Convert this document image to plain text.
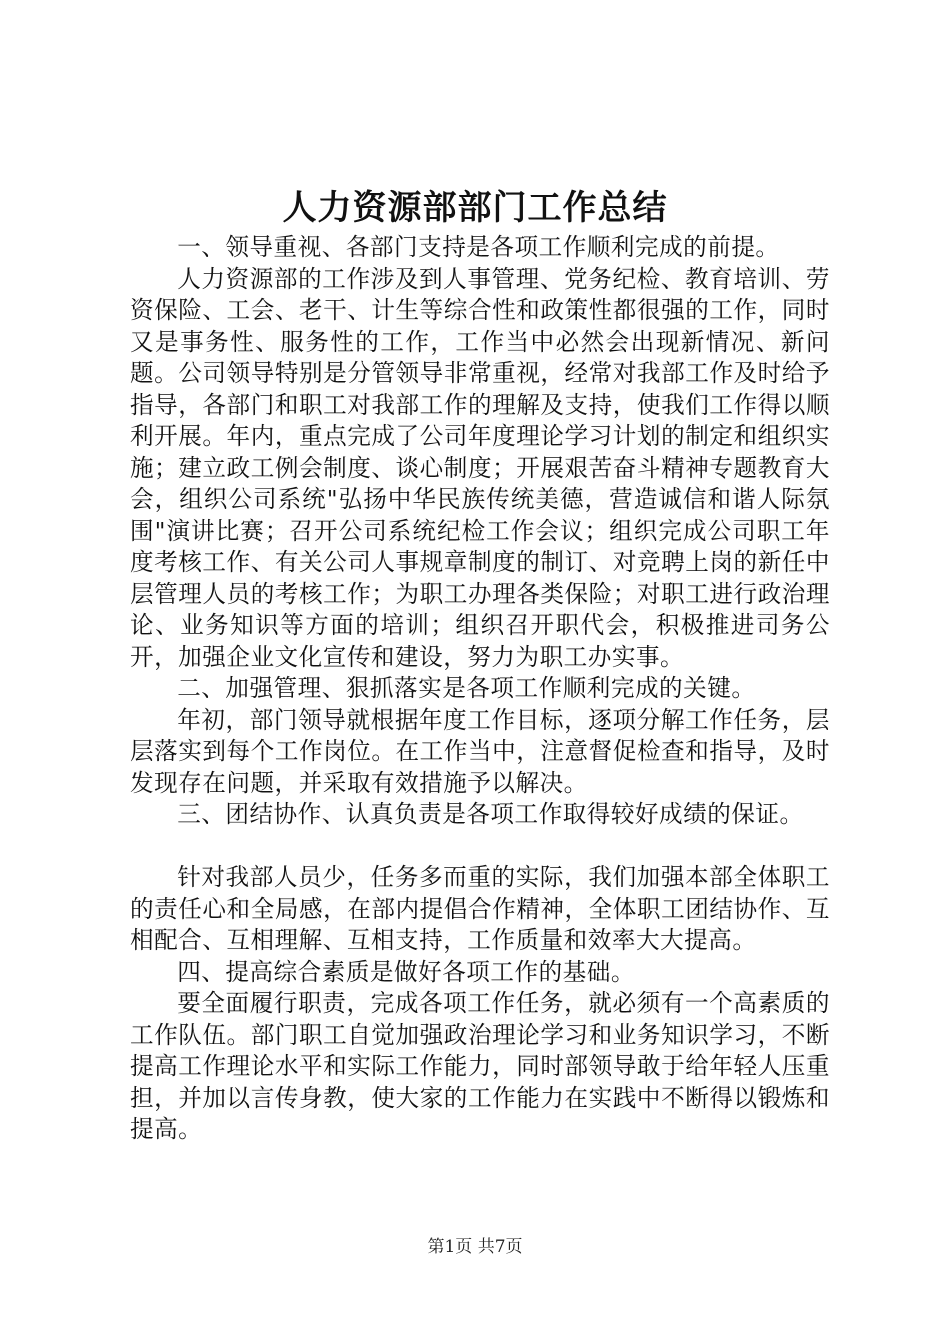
人力资源部部门工作总结

一、领导重视、各部门支持是各项工作顺利完成的前提。

人力资源部的工作涉及到人事管理、党务纪检、教育培训、劳资保险、工会、老干、计生等综合性和政策性都很强的工作，同时又是事务性、服务性的工作，工作当中必然会出现新情况、新问题。公司领导特别是分管领导非常重视，经常对我部工作及时给予指导，各部门和职工对我部工作的理解及支持，使我们工作得以顺利开展。年内，重点完成了公司年度理论学习计划的制定和组织实施；建立政工例会制度、谈心制度；开展艰苦奋斗精神专题教育大会，组织公司系统"弘扬中华民族传统美德，营造诚信和谐人际氛围"演讲比赛；召开公司系统纪检工作会议；组织完成公司职工年度考核工作、有关公司人事规章制度的制订、对竞聘上岗的新任中层管理人员的考核工作；为职工办理各类保险；对职工进行政治理论、业务知识等方面的培训；组织召开职代会，积极推进司务公开，加强企业文化宣传和建设，努力为职工办实事。

二、加强管理、狠抓落实是各项工作顺利完成的关键。

年初，部门领导就根据年度工作目标，逐项分解工作任务，层层落实到每个工作岗位。在工作当中，注意督促检查和指导，及时发现存在问题，并采取有效措施予以解决。

三、团结协作、认真负责是各项工作取得较好成绩的保证。

针对我部人员少，任务多而重的实际，我们加强本部全体职工的责任心和全局感，在部内提倡合作精神，全体职工团结协作、互相配合、互相理解、互相支持，工作质量和效率大大提高。

四、提高综合素质是做好各项工作的基础。

要全面履行职责，完成各项工作任务，就必须有一个高素质的工作队伍。部门职工自觉加强政治理论学习和业务知识学习，不断提高工作理论水平和实际工作能力，同时部领导敢于给年轻人压重担，并加以言传身教，使大家的工作能力在实践中不断得以锻炼和提高。

第1页 共7页
